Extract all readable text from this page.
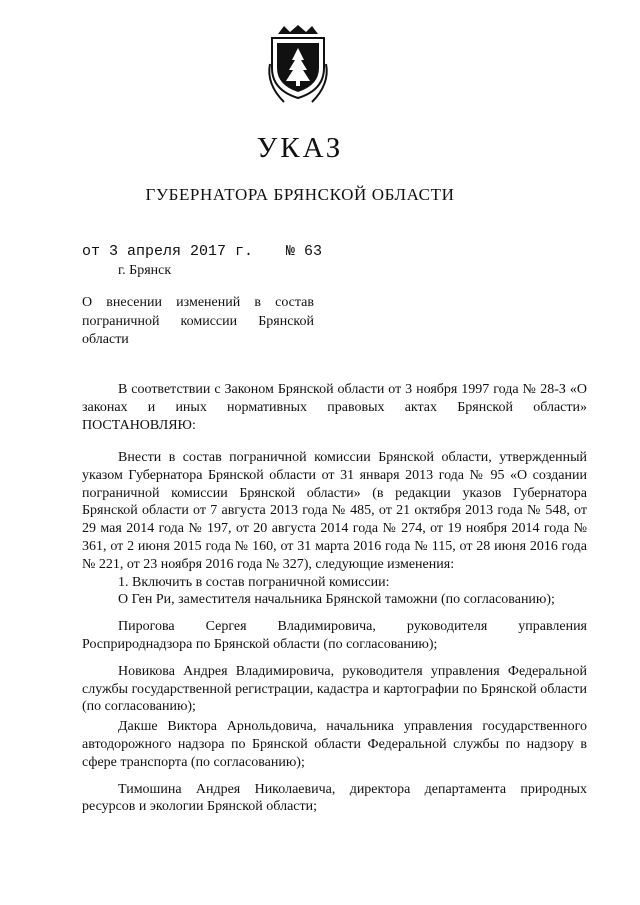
УКАЗ
ГУБЕРНАТОРА БРЯНСКОЙ ОБЛАСТИ
от 3 апреля 2017 г. № 63
г. Брянск
О внесении изменений в состав пограничной комиссии Брянской области

В соответствии с Законом Брянской области от 3 ноября 1997 года № 28-З «О законах и иных нормативных правовых актах Брянской области» ПОСТАНОВЛЯЮ:

Внести в состав пограничной комиссии Брянской области, утвержденный указом Губернатора Брянской области от 31 января 2013 года № 95 «О создании пограничной комиссии Брянской области» (в редакции указов Губернатора Брянской области от 7 августа 2013 года № 485, от 21 октября 2013 года № 548, от 29 мая 2014 года № 197, от 20 августа 2014 года № 274, от 19 ноября 2014 года № 361, от 2 июня 2015 года № 160, от 31 марта 2016 года № 115, от 28 июня 2016 года № 221, от 23 ноября 2016 года № 327), следующие изменения:

1. Включить в состав пограничной комиссии:

О Ген Ри, заместителя начальника Брянской таможни (по согласованию);

Пирогова Сергея Владимировича, руководителя управления Росприроднадзора по Брянской области (по согласованию);

Новикова Андрея Владимировича, руководителя управления Федеральной службы государственной регистрации, кадастра и картографии по Брянской области (по согласованию);

Дакше Виктора Арнольдовича, начальника управления государственного автодорожного надзора по Брянской области Федеральной службы по надзору в сфере транспорта (по согласованию);

Тимошина Андрея Николаевича, директора департамента природных ресурсов и экологии Брянской области;
